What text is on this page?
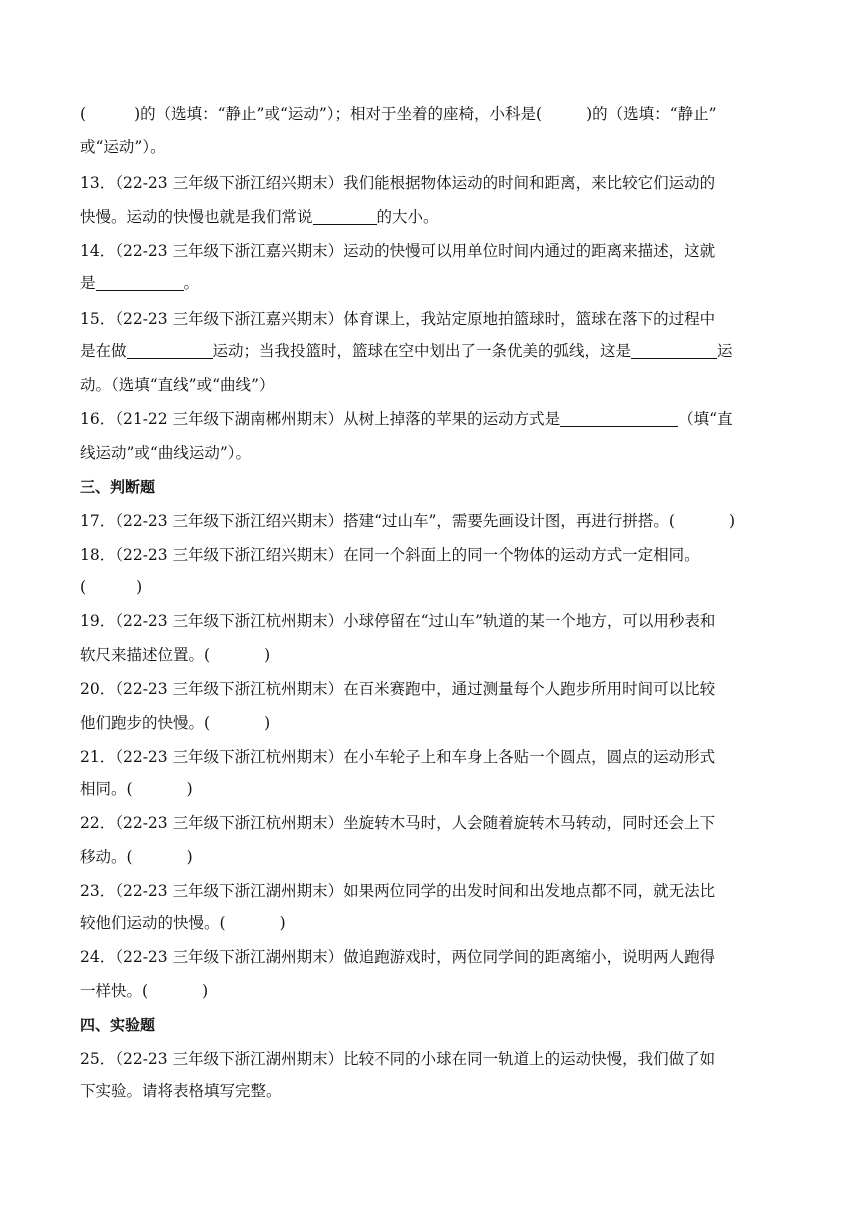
(	)的（选填：“静止”或“运动”）；相对于坐着的座椅，小科是(	)的（选填：“静止”
或“运动”）。
13．（22-23 三年级下浙江绍兴期末）我们能根据物体运动的时间和距离，来比较它们运动的
快慢。运动的快慢也就是我们常说	的大小。
14．（22-23 三年级下浙江嘉兴期末）运动的快慢可以用单位时间内通过的距离来描述，这就
是	。
15．（22-23 三年级下浙江嘉兴期末）体育课上，我站定原地拍篮球时，篮球在落下的过程中
是在做	运动；当我投篮时，篮球在空中划出了一条优美的弧线，这是	运
动。（选填“直线”或“曲线”）
16．（21-22 三年级下湖南郴州期末）从树上掉落的苹果的运动方式是	（填“直
线运动”或“曲线运动”）。
三、判断题
17．（22-23 三年级下浙江绍兴期末）搭建“过山车”，需要先画设计图，再进行拼搭。(	)
18．（22-23 三年级下浙江绍兴期末）在同一个斜面上的同一个物体的运动方式一定相同。
(	)
19．（22-23 三年级下浙江杭州期末）小球停留在“过山车”轨道的某一个地方，可以用秒表和
软尺来描述位置。(	)
20．（22-23 三年级下浙江杭州期末）在百米赛跑中，通过测量每个人跑步所用时间可以比较
他们跑步的快慢。(	)
21．（22-23 三年级下浙江杭州期末）在小车轮子上和车身上各贴一个圆点，圆点的运动形式
相同。(	)
22．（22-23 三年级下浙江杭州期末）坐旋转木马时，人会随着旋转木马转动，同时还会上下
移动。(	)
23．（22-23 三年级下浙江湖州期末）如果两位同学的出发时间和出发地点都不同，就无法比
较他们运动的快慢。(	)
24．（22-23 三年级下浙江湖州期末）做追跑游戏时，两位同学间的距离缩小，说明两人跑得
一样快。(	)
四、实验题
25．（22-23 三年级下浙江湖州期末）比较不同的小球在同一轨道上的运动快慢，我们做了如
下实验。请将表格填写完整。
